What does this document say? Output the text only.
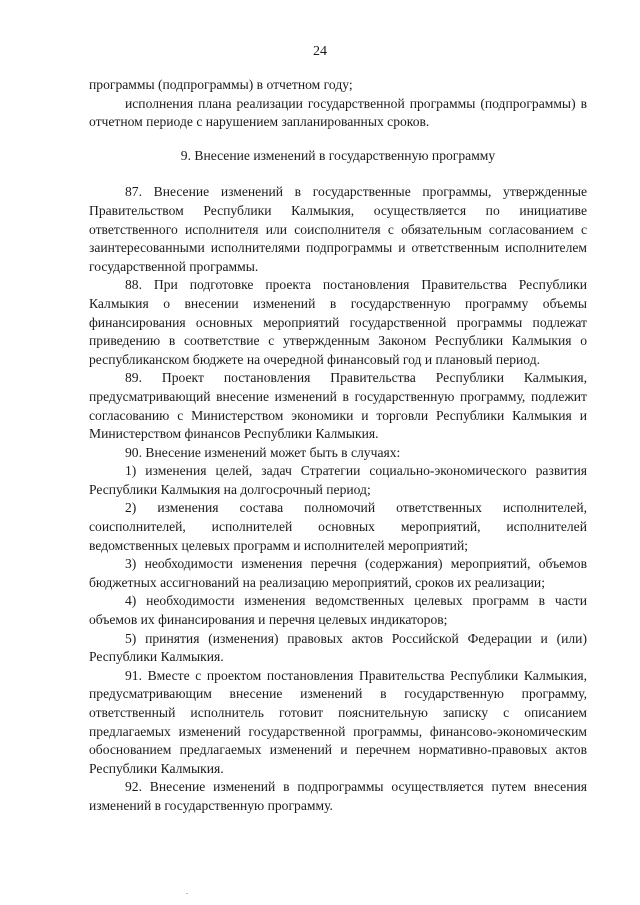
24

программы (подпрограммы) в отчетном году;

исполнения плана реализации государственной программы (подпрограммы) в отчетном периоде с нарушением запланированных сроков.

9. Внесение изменений в государственную программу

87. Внесение изменений в государственные программы, утвержденные Правительством Республики Калмыкия, осуществляется по инициативе ответственного исполнителя или соисполнителя с обязательным согласованием с заинтересованными исполнителями подпрограммы и ответственным исполнителем государственной программы.

88. При подготовке проекта постановления Правительства Республики Калмыкия о внесении изменений в государственную программу объемы финансирования основных мероприятий государственной программы подлежат приведению в соответствие с утвержденным Законом Республики Калмыкия о республиканском бюджете на очередной финансовый год и плановый период.

89. Проект постановления Правительства Республики Калмыкия, предусматривающий внесение изменений в государственную программу, подлежит согласованию с Министерством экономики и торговли Республики Калмыкия и Министерством финансов Республики Калмыкия.

90. Внесение изменений может быть в случаях:

1) изменения целей, задач Стратегии социально-экономического развития Республики Калмыкия на долгосрочный период;

2) изменения состава полномочий ответственных исполнителей, соисполнителей, исполнителей основных мероприятий, исполнителей ведомственных целевых программ и исполнителей мероприятий;

3) необходимости изменения перечня (содержания) мероприятий, объемов бюджетных ассигнований на реализацию мероприятий, сроков их реализации;

4) необходимости изменения ведомственных целевых программ в части объемов их финансирования и перечня целевых индикаторов;

5) принятия (изменения) правовых актов Российской Федерации и (или) Республики Калмыкия.

91. Вместе с проектом постановления Правительства Республики Калмыкия, предусматривающим внесение изменений в государственную программу, ответственный исполнитель готовит пояснительную записку с описанием предлагаемых изменений государственной программы, финансово-экономическим обоснованием предлагаемых изменений и перечнем нормативно-правовых актов Республики Калмыкия.

92. Внесение изменений в подпрограммы осуществляется путем внесения изменений в государственную программу.
